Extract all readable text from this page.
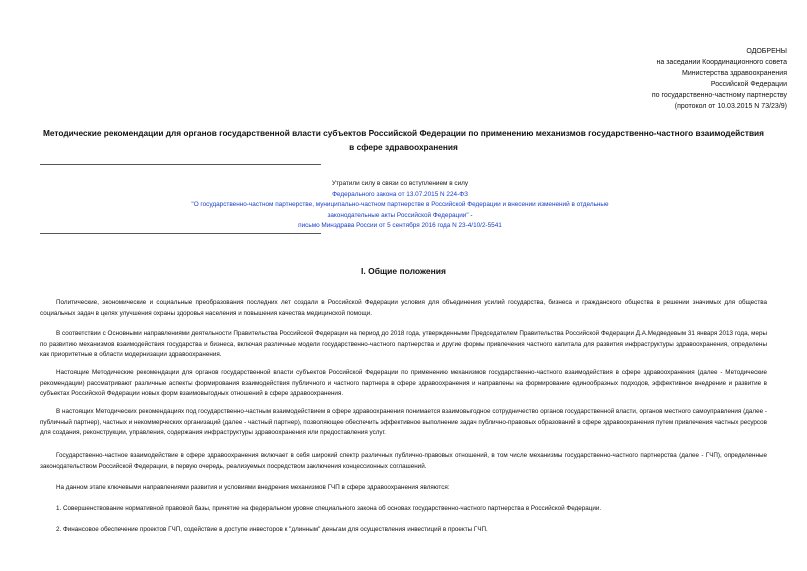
ОДОБРЕНЫ
на заседании Координационного совета
Министерства здравоохранения
Российской Федерации
по государственно-частному партнерству
(протокол от 10.03.2015 N 73/23/9)
Методические рекомендации для органов государственной власти субъектов Российской Федерации по применению механизмов государственно-частного взаимодействия в сфере здравоохранения
Утратили силу в связи со вступлением в силу
Федерального закона от 13.07.2015 N 224-ФЗ
"О государственно-частном партнерстве, муниципально-частном партнерстве в Российской Федерации и внесении изменений в отдельные законодательные акты Российской Федерации" -
письмо Минздрава России от 5 сентября 2016 года N 23-4/10/2-5541
I. Общие положения
Политические, экономические и социальные преобразования последних лет создали в Российской Федерации условия для объединения усилий государства, бизнеса и гражданского общества в решении значимых для общества социальных задач в целях улучшения охраны здоровья населения и повышения качества медицинской помощи.
В соответствии с Основными направлениями деятельности Правительства Российской Федерации на период до 2018 года, утвержденными Председателем Правительства Российской Федерации Д.А.Медведевым 31 января 2013 года, меры по развитию механизмов взаимодействия государства и бизнеса, включая различные модели государственно-частного партнерства и другие формы привлечения частного капитала для развития инфраструктуры здравоохранения, определены как приоритетные в области модернизации здравоохранения.
Настоящие Методические рекомендации для органов государственной власти субъектов Российской Федерации по применению механизмов государственно-частного взаимодействия в сфере здравоохранения (далее - Методические рекомендации) рассматривают различные аспекты формирования взаимодействия публичного и частного партнера в сфере здравоохранения и направлены на формирование единообразных подходов, эффективное внедрение и развитие в субъектах Российской Федерации новых форм взаимовыгодных отношений в сфере здравоохранения.
В настоящих Методических рекомендациях под государственно-частным взаимодействием в сфере здравоохранения понимается взаимовыгодное сотрудничество органов государственной власти, органов местного самоуправления (далее - публичный партнер), частных и некоммерческих организаций (далее - частный партнер), позволяющее обеспечить эффективное выполнение задач публично-правовых образований в сфере здравоохранения путем привлечения частных ресурсов для создания, реконструкции, управления, содержания инфраструктуры здравоохранения или предоставления услуг.
Государственно-частное взаимодействие в сфере здравоохранения включает в себя широкий спектр различных публично-правовых отношений, в том числе механизмы государственно-частного партнерства (далее - ГЧП), определенные законодательством Российской Федерации, в первую очередь, реализуемых посредством заключения концессионных соглашений.
На данном этапе ключевыми направлениями развития и условиями внедрения механизмов ГЧП в сфере здравоохранения являются:
1. Совершенствование нормативной правовой базы, принятие на федеральном уровне специального закона об основах государственно-частного партнерства в Российской Федерации.
2. Финансовое обеспечение проектов ГЧП, содействие в доступе инвесторов к "длинным" деньгам для осуществления инвестиций в проекты ГЧП.
